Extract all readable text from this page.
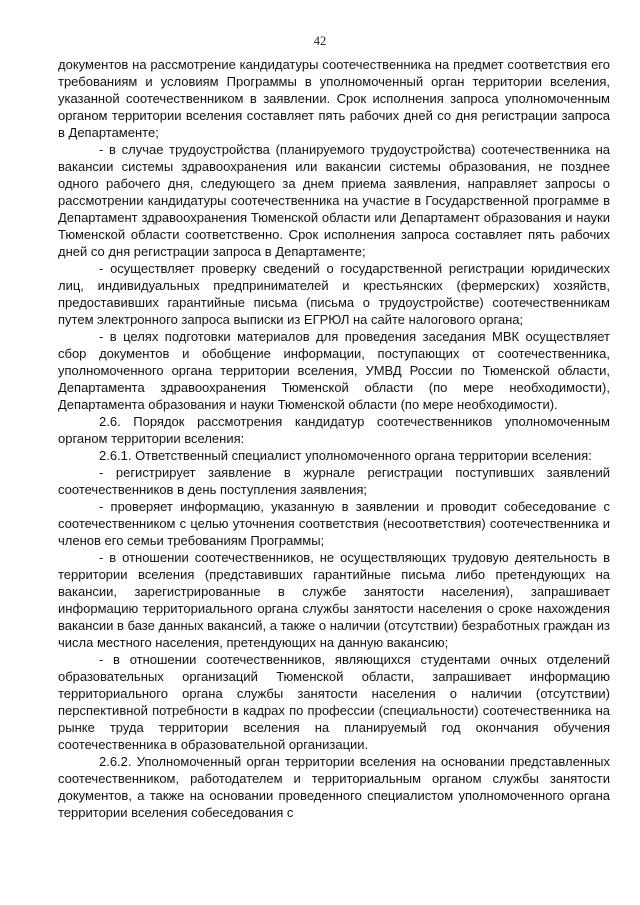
42

документов на рассмотрение кандидатуры соотечественника на предмет соответствия его требованиям и условиям Программы в уполномоченный орган территории вселения, указанной соотечественником в заявлении. Срок исполнения запроса уполномоченным органом территории вселения составляет пять рабочих дней со дня регистрации запроса в Департаменте;

- в случае трудоустройства (планируемого трудоустройства) соотечественника на вакансии системы здравоохранения или вакансии системы образования, не позднее одного рабочего дня, следующего за днем приема заявления, направляет запросы о рассмотрении кандидатуры соотечественника на участие в Государственной программе в Департамент здравоохранения Тюменской области или Департамент образования и науки Тюменской области соответственно. Срок исполнения запроса составляет пять рабочих дней со дня регистрации запроса в Департаменте;

- осуществляет проверку сведений о государственной регистрации юридических лиц, индивидуальных предпринимателей и крестьянских (фермерских) хозяйств, предоставивших гарантийные письма (письма о трудоустройстве) соотечественникам путем электронного запроса выписки из ЕГРЮЛ на сайте налогового органа;

- в целях подготовки материалов для проведения заседания МВК осуществляет сбор документов и обобщение информации, поступающих от соотечественника, уполномоченного органа территории вселения, УМВД России по Тюменской области, Департамента здравоохранения Тюменской области (по мере необходимости), Департамента образования и науки Тюменской области (по мере необходимости).

2.6. Порядок рассмотрения кандидатур соотечественников уполномоченным органом территории вселения:

2.6.1. Ответственный специалист уполномоченного органа территории вселения:

- регистрирует заявление в журнале регистрации поступивших заявлений соотечественников в день поступления заявления;

- проверяет информацию, указанную в заявлении и проводит собеседование с соотечественником с целью уточнения соответствия (несоответствия) соотечественника и членов его семьи требованиям Программы;

- в отношении соотечественников, не осуществляющих трудовую деятельность в территории вселения (представивших гарантийные письма либо претендующих на вакансии, зарегистрированные в службе занятости населения), запрашивает информацию территориального органа службы занятости населения о сроке нахождения вакансии в базе данных вакансий, а также о наличии (отсутствии) безработных граждан из числа местного населения, претендующих на данную вакансию;

- в отношении соотечественников, являющихся студентами очных отделений образовательных организаций Тюменской области, запрашивает информацию территориального органа службы занятости населения о наличии (отсутствии) перспективной потребности в кадрах по профессии (специальности) соотечественника на рынке труда территории вселения на планируемый год окончания обучения соотечественника в образовательной организации.

2.6.2. Уполномоченный орган территории вселения на основании представленных соотечественником, работодателем и территориальным органом службы занятости документов, а также на основании проведенного специалистом уполномоченного органа территории вселения собеседования с
